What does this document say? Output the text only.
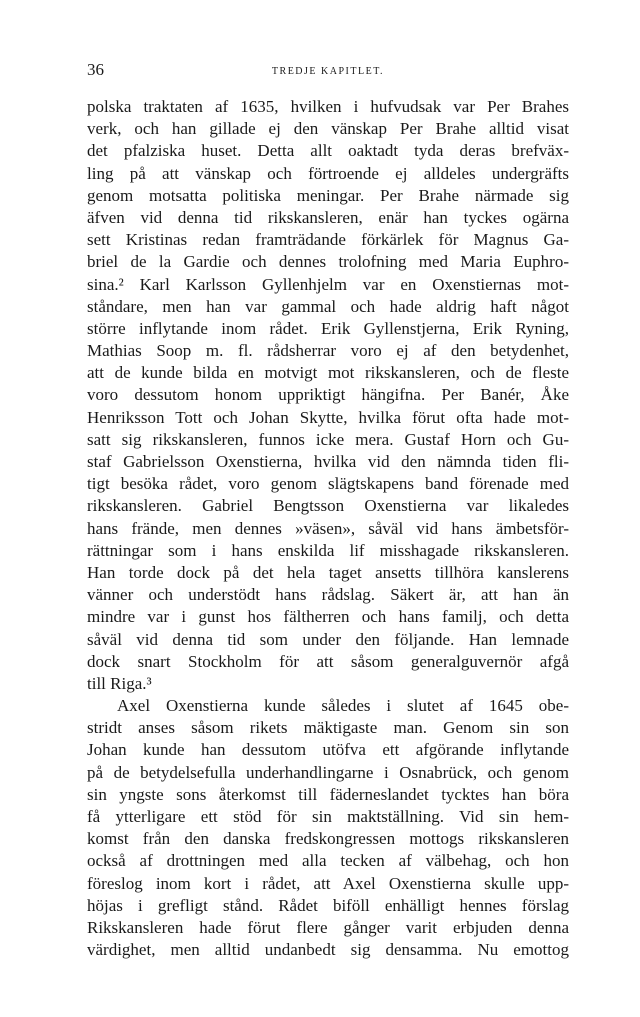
36	TREDJE KAPITLET.
polska traktaten af 1635, hvilken i hufvudsak var Per Brahes
verk, och han gillade ej den vänskap Per Brahe alltid visat
det pfalziska huset. Detta allt oaktadt tyda deras brefväx-
ling på att vänskap och förtroende ej alldeles undergräfts
genom motsatta politiska meningar. Per Brahe närmade sig
äfven vid denna tid rikskansleren, enär han tyckes ogärna
sett Kristinas redan framträdande förkärlek för Magnus Ga-
briel de la Gardie och dennes trolofning med Maria Euphro-
sina.² Karl Karlsson Gyllenhjelm var en Oxenstiernas mot-
ståndare, men han var gammal och hade aldrig haft något
större inflytande inom rådet. Erik Gyllenstjerna, Erik Ryning,
Mathias Soop m. fl. rådsherrar voro ej af den betydenhet,
att de kunde bilda en motvigt mot rikskansleren, och de fleste
voro dessutom honom uppriktigt hängifna. Per Banér, Åke
Henriksson Tott och Johan Skytte, hvilka förut ofta hade mot-
satt sig rikskansleren, funnos icke mera. Gustaf Horn och Gu-
staf Gabrielsson Oxenstierna, hvilka vid den nämnda tiden fli-
tigt besöka rådet, voro genom slägtskapens band förenade med
rikskansleren. Gabriel Bengtsson Oxenstierna var likaledes
hans frände, men dennes »väsen», såväl vid hans ämbetsför-
rättningar som i hans enskilda lif misshagade rikskansleren.
Han torde dock på det hela taget ansetts tillhöra kanslerens
vänner och understödt hans rådslag. Säkert är, att han än
mindre var i gunst hos fältherren och hans familj, och detta
såväl vid denna tid som under den följande. Han lemnade
dock snart Stockholm för att såsom generalguvernör afgå
till Riga.³
Axel Oxenstierna kunde således i slutet af 1645 obe-
stridt anses såsom rikets mäktigaste man. Genom sin son
Johan kunde han dessutom utöfva ett afgörande inflytande
på de betydelsefulla underhandlingarne i Osnabrück, och genom
sin yngste sons återkomst till fäderneslandet tycktes han böra
få ytterligare ett stöd för sin maktställning. Vid sin hem-
komst från den danska fredskongressen mottogs rikskansleren
också af drottningen med alla tecken af välbehag, och hon
föreslog inom kort i rådet, att Axel Oxenstierna skulle upp-
höjas i grefligt stånd. Rådet biföll enhälligt hennes förslag
Rikskansleren hade förut flere gånger varit erbjuden denna
värdighet, men alltid undanbedt sig densamma. Nu emottog
